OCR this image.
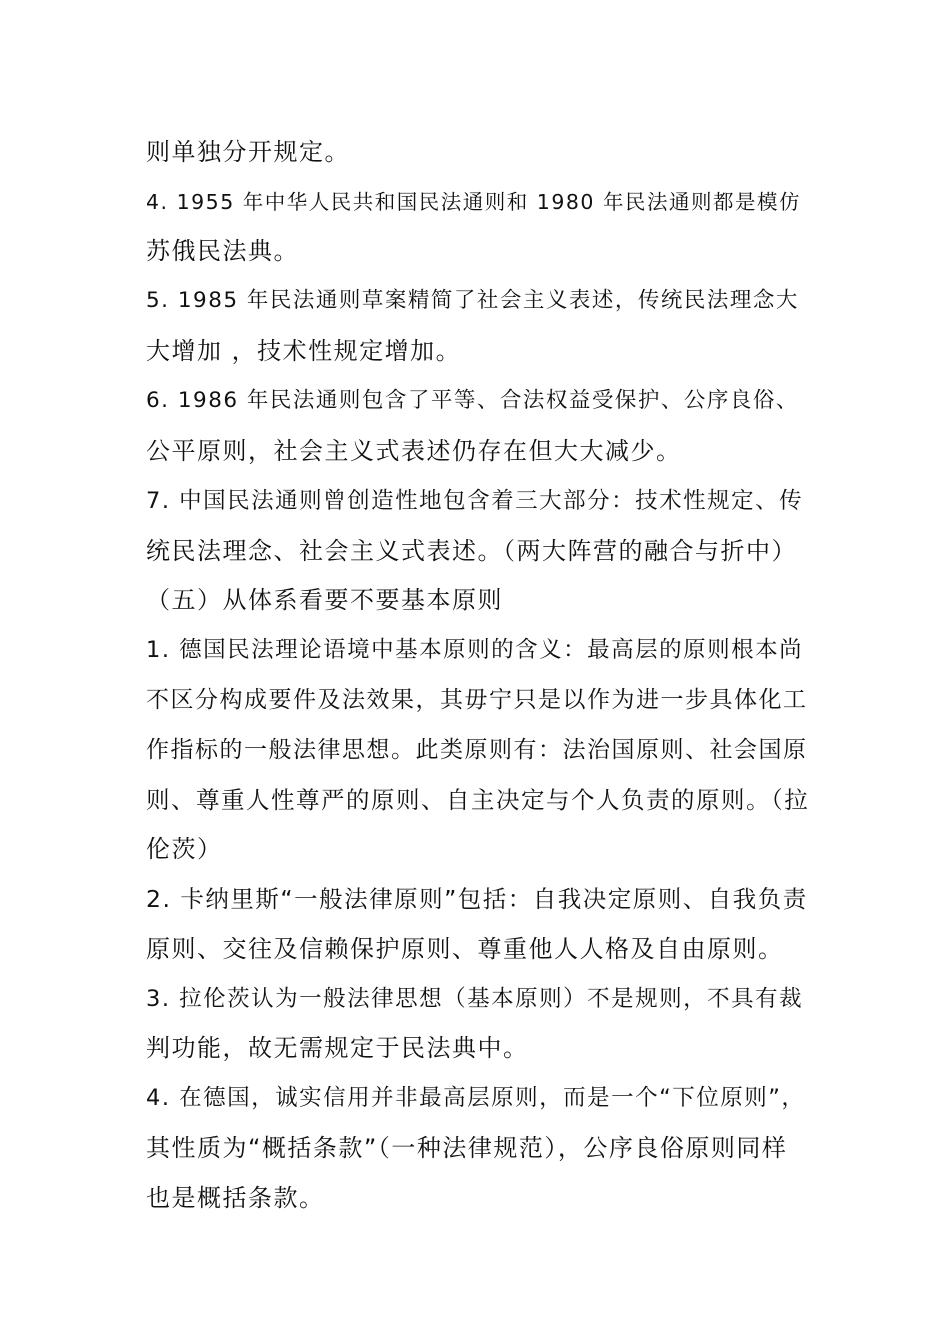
则单独分开规定。
4. 1955 年中华人民共和国民法通则和 1980 年民法通则都是模仿
苏俄民法典。
5. 1985 年民法通则草案精简了社会主义表述，传统民法理念大
大增加 ，技术性规定增加。
6. 1986 年民法通则包含了平等、合法权益受保护、公序良俗、
公平原则，社会主义式表述仍存在但大大减少。
7. 中国民法通则曾创造性地包含着三大部分：技术性规定、传
统民法理念、社会主义式表述。（两大阵营的融合与折中）
（五）从体系看要不要基本原则
1. 德国民法理论语境中基本原则的含义：最高层的原则根本尚
不区分构成要件及法效果，其毋宁只是以作为进一步具体化工
作指标的一般法律思想。此类原则有：法治国原则、社会国原
则、尊重人性尊严的原则、自主决定与个人负责的原则。（拉
伦茨）
2. 卡纳里斯“一般法律原则”包括：自我决定原则、自我负责
原则、交往及信赖保护原则、尊重他人人格及自由原则。
3. 拉伦茨认为一般法律思想（基本原则）不是规则，不具有裁
判功能，故无需规定于民法典中。
4. 在德国，诚实信用并非最高层原则，而是一个“下位原则”，
其性质为“概括条款”（一种法律规范），公序良俗原则同样
也是概括条款。
